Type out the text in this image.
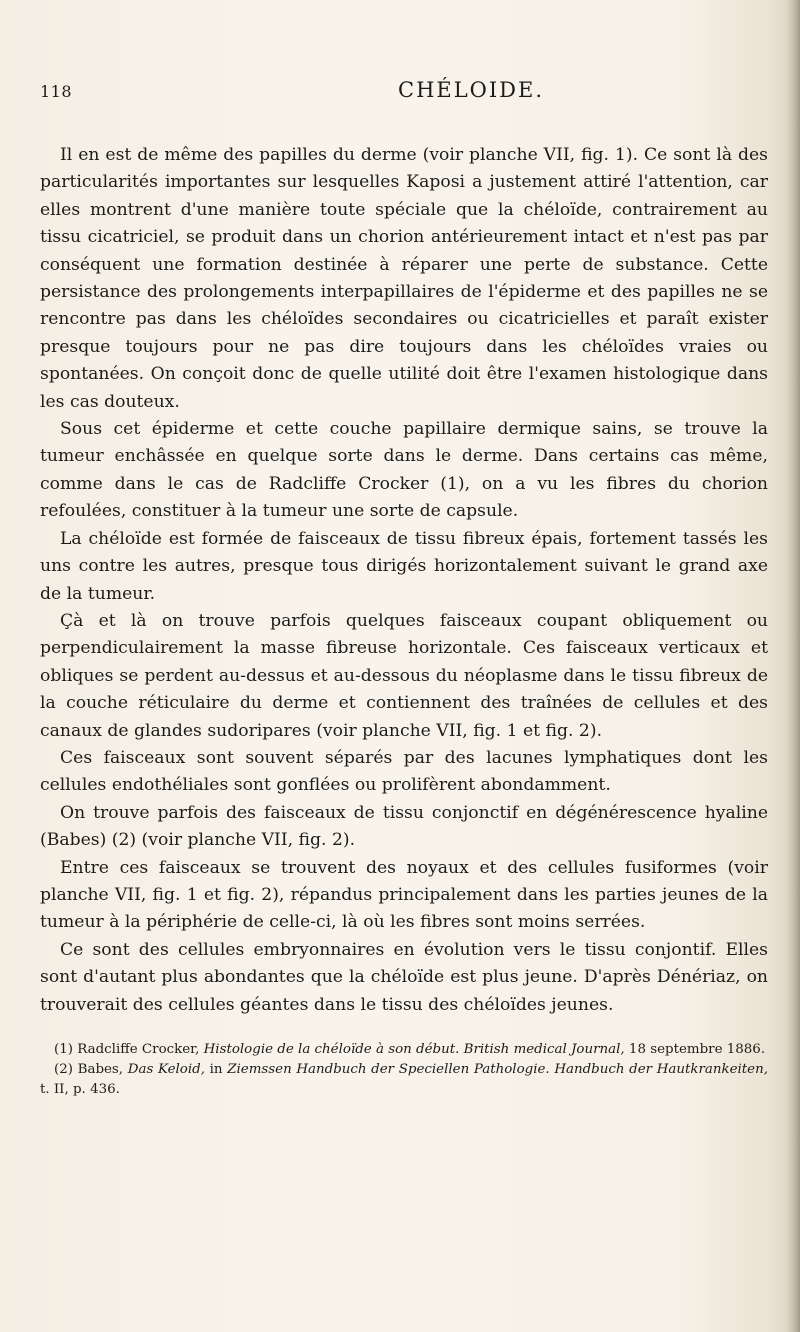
118	CHÉLOIDE.

Il en est de même des papilles du derme (voir planche VII, fig. 1). Ce sont là des particularités importantes sur lesquelles Kaposi a justement attiré l'attention, car elles montrent d'une manière toute spéciale que la chéloïde, contrairement au tissu cicatriciel, se produit dans un chorion antérieurement intact et n'est pas par conséquent une formation destinée à réparer une perte de substance. Cette persistance des prolongements interpapillaires de l'épiderme et des papilles ne se rencontre pas dans les chéloïdes secondaires ou cicatricielles et paraît exister presque toujours pour ne pas dire toujours dans les chéloïdes vraies ou spontanées. On conçoit donc de quelle utilité doit être l'examen histologique dans les cas douteux.

Sous cet épiderme et cette couche papillaire dermique sains, se trouve la tumeur enchâssée en quelque sorte dans le derme. Dans certains cas même, comme dans le cas de Radcliffe Crocker (1), on a vu les fibres du chorion refoulées, constituer à la tumeur une sorte de capsule.

La chéloïde est formée de faisceaux de tissu fibreux épais, fortement tassés les uns contre les autres, presque tous dirigés horizontalement suivant le grand axe de la tumeur.

Çà et là on trouve parfois quelques faisceaux coupant obliquement ou perpendiculairement la masse fibreuse horizontale. Ces faisceaux verticaux et obliques se perdent au-dessus et au-dessous du néoplasme dans le tissu fibreux de la couche réticulaire du derme et contiennent des traînées de cellules et des canaux de glandes sudoripares (voir planche VII, fig. 1 et fig. 2).

Ces faisceaux sont souvent séparés par des lacunes lymphatiques dont les cellules endothéliales sont gonflées ou prolifèrent abondamment.

On trouve parfois des faisceaux de tissu conjonctif en dégénérescence hyaline (Babes) (2) (voir planche VII, fig. 2).

Entre ces faisceaux se trouvent des noyaux et des cellules fusiformes (voir planche VII, fig. 1 et fig. 2), répandus principalement dans les parties jeunes de la tumeur à la périphérie de celle-ci, là où les fibres sont moins serrées.

Ce sont des cellules embryonnaires en évolution vers le tissu conjontif. Elles sont d'autant plus abondantes que la chéloïde est plus jeune. D'après Dénériaz, on trouverait des cellules géantes dans le tissu des chéloïdes jeunes.

(1) Radcliffe Crocker, Histologie de la chéloïde à son début. British medical Journal, 18 septembre 1886.

(2) Babes, Das Keloid, in Ziemssen Handbuch der Speciellen Pathologie. Handbuch der Hautkrankeiten, t. II, p. 436.
